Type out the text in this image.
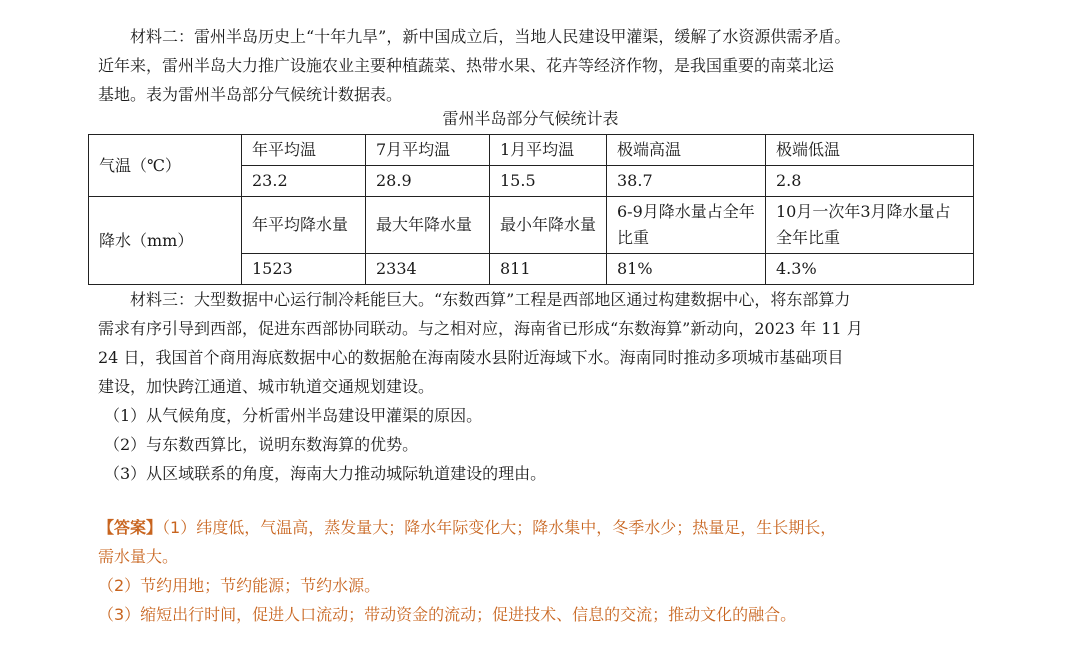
材料二：雷州半岛历史上“十年九旱”，新中国成立后，当地人民建设甲灌渠，缓解了水资源供需矛盾。

近年来，雷州半岛大力推广设施农业主要种植蔬菜、热带水果、花卉等经济作物，是我国重要的南菜北运

基地。表为雷州半岛部分气候统计数据表。

雷州半岛部分气候统计表
气温（℃）	年平均温	7月平均温	1月平均温	极端高温	极端低温
	23.2	28.9	15.5	38.7	2.8
降水（mm）	年平均降水量	最大年降水量	最小年降水量	6-9月降水量占全年比重	10月一次年3月降水量占全年比重
	1523	2334	811	81%	4.3%

材料三：大型数据中心运行制冷耗能巨大。“东数西算”工程是西部地区通过构建数据中心，将东部算力

需求有序引导到西部，促进东西部协同联动。与之相对应，海南省已形成“东数海算”新动向，2023 年 11 月

24 日，我国首个商用海底数据中心的数据舱在海南陵水县附近海域下水。海南同时推动多项城市基础项目

建设，加快跨江通道、城市轨道交通规划建设。

（1）从气候角度，分析雷州半岛建设甲灌渠的原因。
（2）与东数西算比，说明东数海算的优势。
（3）从区域联系的角度，海南大力推动城际轨道建设的理由。
【答案】（1）纬度低，气温高，蒸发量大；降水年际变化大；降水集中，冬季水少；热量足，生长期长，
需水量大。
（2）节约用地；节约能源；节约水源。
（3）缩短出行时间，促进人口流动；带动资金的流动；促进技术、信息的交流；推动文化的融合。
